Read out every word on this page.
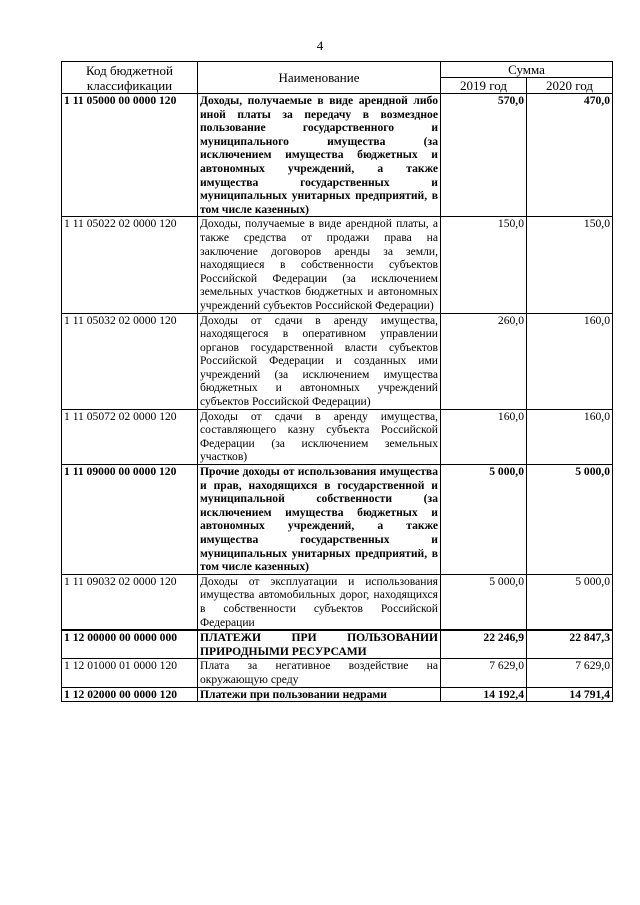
4
Код бюджетной классификации	Наименование	Сумма	
		2019 год	2020 год
1 11 05000 00 0000 120	Доходы, получаемые в виде арендной либо иной платы за передачу в возмездное пользование государственного и муниципального имущества (за исключением имущества бюджетных и автономных учреждений, а также имущества государственных и муниципальных унитарных предприятий, в том числе казенных)	570,0	470,0
1 11 05022 02 0000 120	Доходы, получаемые в виде арендной платы, а также средства от продажи права на заключение договоров аренды за земли, находящиеся в собственности субъектов Российской Федерации (за исключением земельных участков бюджетных и автономных учреждений субъектов Российской Федерации)	150,0	150,0
1 11 05032 02 0000 120	Доходы от сдачи в аренду имущества, находящегося в оперативном управлении органов государственной власти субъектов Российской Федерации и созданных ими учреждений (за исключением имущества бюджетных и автономных учреждений субъектов Российской Федерации)	260,0	160,0
1 11 05072 02 0000 120	Доходы от сдачи в аренду имущества, составляющего казну субъекта Российской Федерации (за исключением земельных участков)	160,0	160,0
1 11 09000 00 0000 120	Прочие доходы от использования имущества и прав, находящихся в государственной и муниципальной собственности (за исключением имущества бюджетных и автономных учреждений, а также имущества государственных и муниципальных унитарных предприятий, в том числе казенных)	5 000,0	5 000,0
1 11 09032 02 0000 120	Доходы от эксплуатации и использования имущества автомобильных дорог, находящихся в собственности субъектов Российской Федерации	5 000,0	5 000,0
1 12 00000 00 0000 000	ПЛАТЕЖИ ПРИ ПОЛЬЗОВАНИИ ПРИРОДНЫМИ РЕСУРСАМИ	22 246,9	22 847,3
1 12 01000 01 0000 120	Плата за негативное воздействие на окружающую среду	7 629,0	7 629,0
1 12 02000 00 0000 120	Платежи при пользовании недрами	14 192,4	14 791,4
